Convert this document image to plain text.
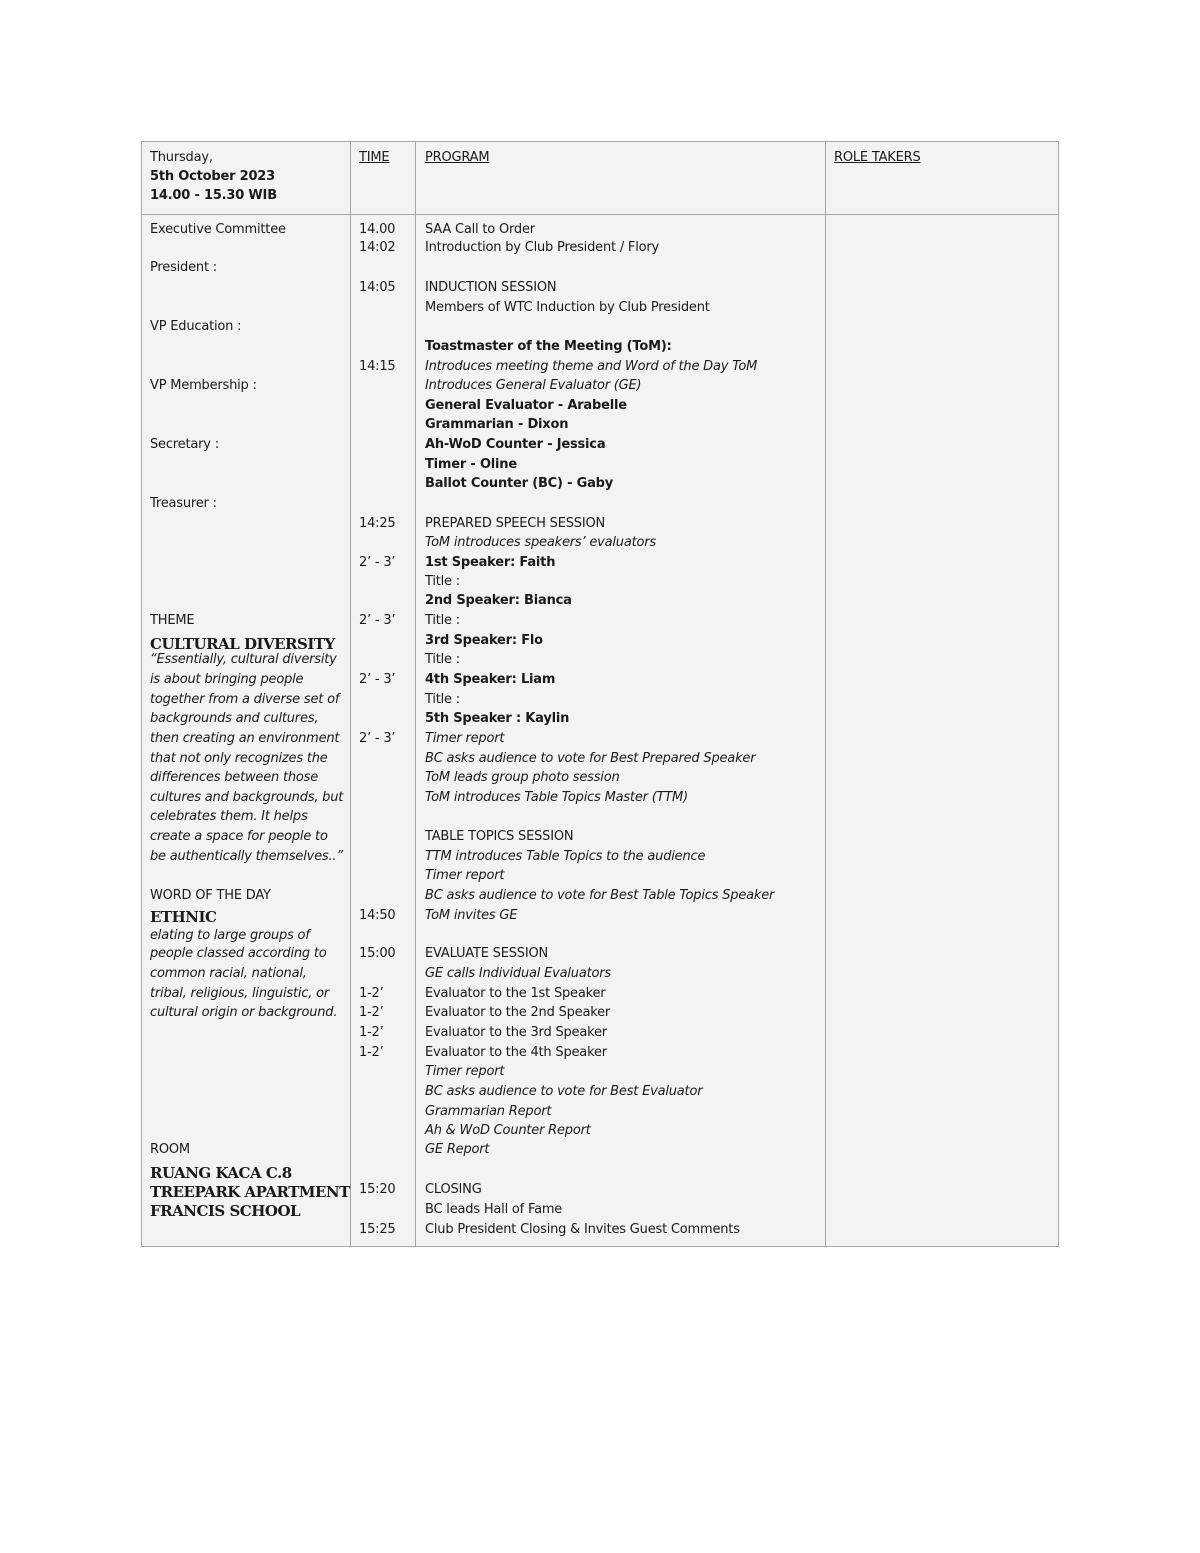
Thursday,
5th October 2023
14.00 - 15.30 WIB
TIME	PROGRAM	ROLE TAKERS
Executive Committee
President :
VP Education :
VP Membership :
Secretary :
Treasurer :
THEME
CULTURAL DIVERSITY
“Essentially, cultural diversity
is about bringing people
together from a diverse set of
backgrounds and cultures,
then creating an environment
that not only recognizes the
differences between those
cultures and backgrounds, but
celebrates them. It helps
create a space for people to
be authentically themselves..”
WORD OF THE DAY
ETHNIC
elating to large groups of
people classed according to
common racial, national,
tribal, religious, linguistic, or
cultural origin or background.
ROOM
RUANG KACA C.8
TREEPARK APARTMENT
FRANCIS SCHOOL
14.00
14:02
14:05
14:15
14:25
2’ - 3’
2’ - 3’
2’ - 3’
2’ - 3’
14:50
15:00
1-2’
1-2’
1-2’
1-2’
15:20
15:25
SAA Call to Order
Introduction by Club President / Flory
INDUCTION SESSION
Members of WTC Induction by Club President
Toastmaster of the Meeting (ToM):
Introduces meeting theme and Word of the Day ToM
Introduces General Evaluator (GE)
General Evaluator - Arabelle
Grammarian - Dixon
Ah-WoD Counter - Jessica
Timer - Oline
Ballot Counter (BC) - Gaby
PREPARED SPEECH SESSION
ToM introduces speakers’ evaluators
1st Speaker: Faith
Title :
2nd Speaker: Bianca
Title :
3rd Speaker: Flo
Title :
4th Speaker: Liam
Title :
5th Speaker : Kaylin
Timer report
BC asks audience to vote for Best Prepared Speaker
ToM leads group photo session
ToM introduces Table Topics Master (TTM)
TABLE TOPICS SESSION
TTM introduces Table Topics to the audience
Timer report
BC asks audience to vote for Best Table Topics Speaker
ToM invites GE
EVALUATE SESSION
GE calls Individual Evaluators
Evaluator to the 1st Speaker
Evaluator to the 2nd Speaker
Evaluator to the 3rd Speaker
Evaluator to the 4th Speaker
Timer report
BC asks audience to vote for Best Evaluator
Grammarian Report
Ah & WoD Counter Report
GE Report
CLOSING
BC leads Hall of Fame
Club President Closing & Invites Guest Comments
